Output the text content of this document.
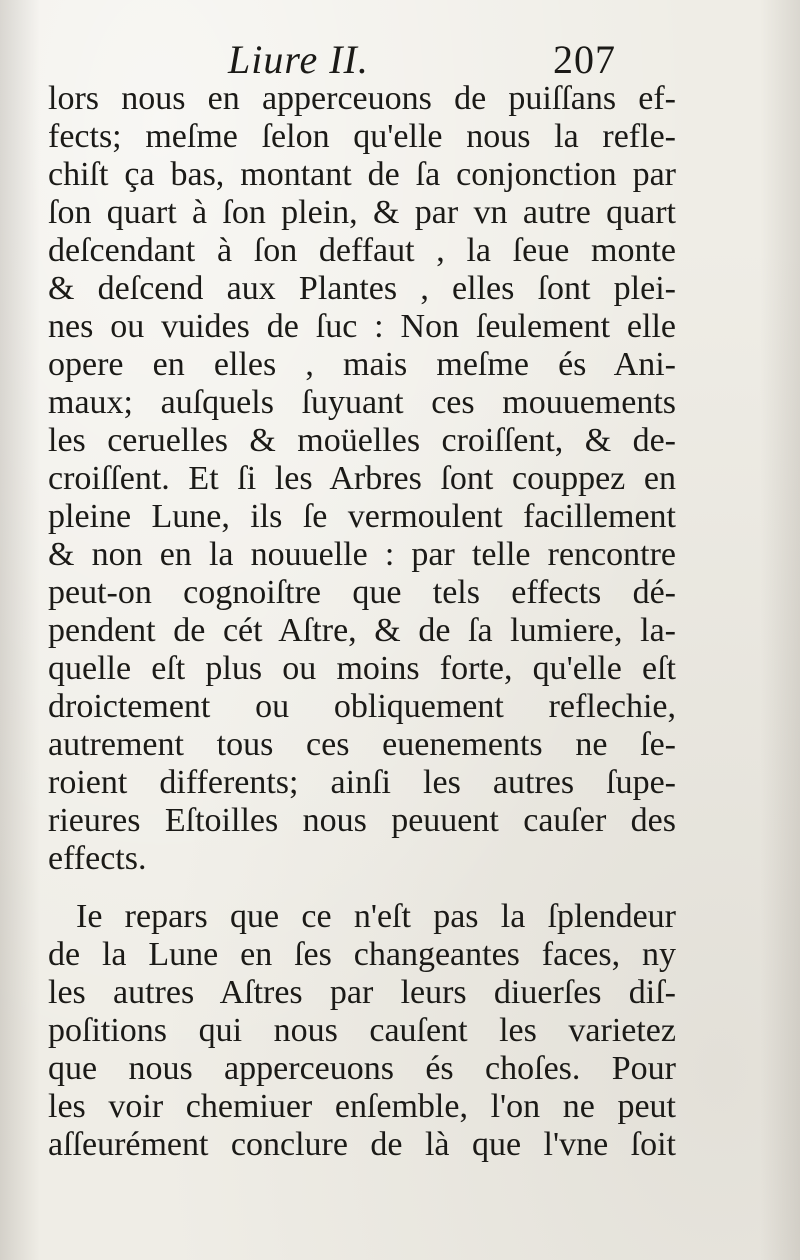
Liure II.	207
lors nous en apperceuons de puiſſans ef-
fects; meſme ſelon qu'elle nous la refle-
chiſt ça bas, montant de ſa conjonction par
ſon quart à ſon plein, & par vn autre quart
deſcendant à ſon deffaut , la ſeue monte
& deſcend aux Plantes , elles ſont plei-
nes ou vuides de ſuc : Non ſeulement elle
opere en elles , mais meſme és Ani-
maux; auſquels ſuyuant ces mouuements
les ceruelles & moüelles croiſſent, & de-
croiſſent. Et ſi les Arbres ſont couppez en
pleine Lune, ils ſe vermoulent facillement
& non en la nouuelle : par telle rencontre
peut-on cognoiſtre que tels effects dé-
pendent de cét Aſtre, & de ſa lumiere, la-
quelle eſt plus ou moins forte, qu'elle eſt
droictement ou obliquement reflechie,
autrement tous ces euenements ne ſe-
roient differents; ainſi les autres ſupe-
rieures Eſtoilles nous peuuent cauſer des
effects.
Ie repars que ce n'eſt pas la ſplendeur
de la Lune en ſes changeantes faces, ny
les autres Aſtres par leurs diuerſes diſ-
poſitions qui nous cauſent les varietez
que nous apperceuons és choſes. Pour
les voir chemiuer enſemble, l'on ne peut
aſſeurément conclure de là que l'vne ſoit
